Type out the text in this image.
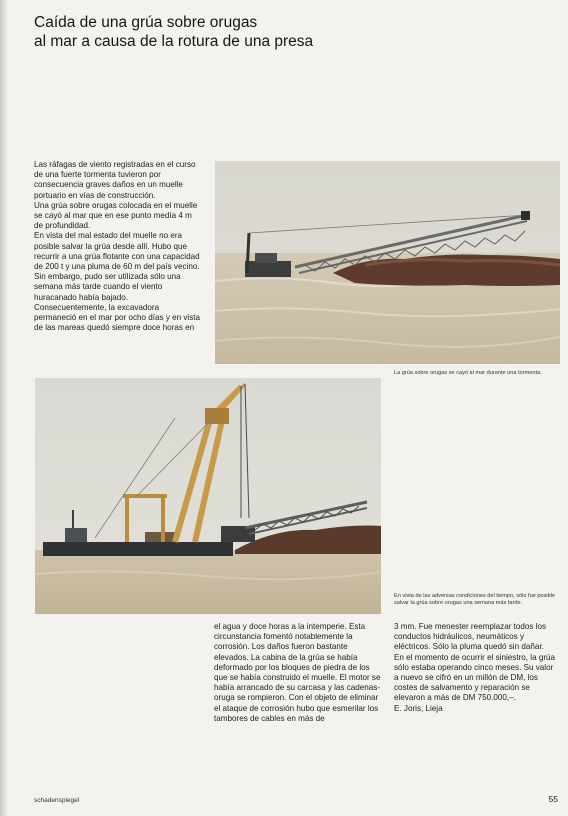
Caída de una grúa sobre orugas
al mar a causa de la rotura de una presa

Las ráfagas de viento registradas en el curso de una fuerte tormenta tuvieron por consecuencia graves daños en un muelle portuario en vías de construcción.

Una grúa sobre orugas colocada en el muelle se cayó al mar que en ese punto medía 4 m de profundidad.

En vista del mal estado del muelle no era posible salvar la grúa desde allí. Hubo que recurrir a una grúa flotante con una capacidad de 200 t y una pluma de 60 m del país vecino. Sin embargo, pudo ser utilizada sólo una semana más tarde cuando el viento huracanado había bajado. Consecuentemente, la excavadora permaneció en el mar por ocho días y en vista de las mareas quedó siempre doce horas en

La grúa sobre orugas se cayó al mar durante una tormenta.
En vista de las adversas condiciones del tiempo, sólo fue posible salvar la grúa sobre orugas una semana más tarde.

el agua y doce horas a la intemperie. Esta circunstancia fomentó notablemente la corrosión. Los daños fueron bastante elevados. La cabina de la grúa se había deformado por los bloques de piedra de los que se había construido el muelle. El motor se había arrancado de su carcasa y las cadenas-oruga se rompieron. Con el objeto de eliminar el ataque de corrosión hubo que esmerilar los tambores de cables en más de

3 mm. Fue menester reemplazar todos los conductos hidráulicos, neumáticos y eléctricos. Sólo la pluma quedó sin dañar.

En el momento de ocurrir el siniestro, la grúa sólo estaba operando cinco meses. Su valor a nuevo se cifró en un millón de DM, los costes de salvamento y reparación se elevaron a más de DM 750.000,–.

E. Joris, Lieja

schadenspiegel	55
